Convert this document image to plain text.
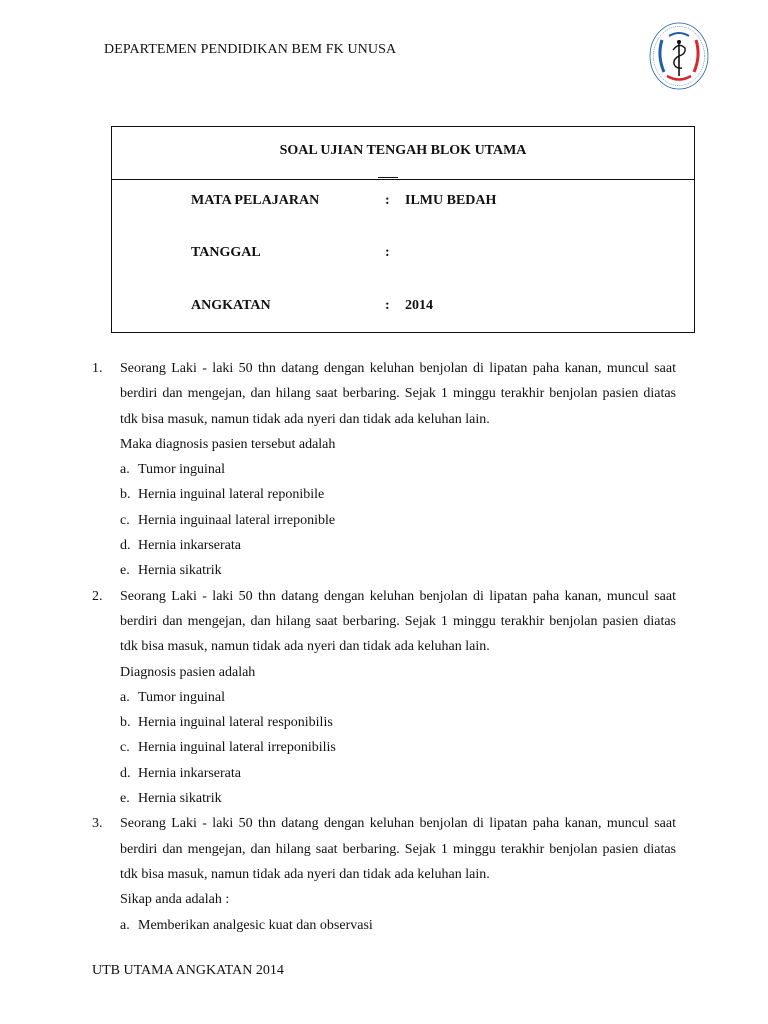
DEPARTEMEN PENDIDIKAN BEM FK UNUSA
SOAL UJIAN TENGAH BLOK UTAMA
MATA PELAJARAN	: ILMU BEDAH
TANGGAL	:
ANGKATAN	: 2014
1. Seorang Laki - laki 50 thn datang dengan keluhan benjolan di lipatan paha kanan, muncul saat berdiri dan mengejan, dan hilang saat berbaring. Sejak 1 minggu terakhir benjolan pasien diatas tdk bisa masuk, namun tidak ada nyeri dan tidak ada keluhan lain.
Maka diagnosis pasien tersebut adalah
a. Tumor inguinal
b. Hernia inguinal lateral reponibile
c. Hernia inguinaal lateral irreponible
d. Hernia inkarserata
e. Hernia sikatrik
2. Seorang Laki - laki 50 thn datang dengan keluhan benjolan di lipatan paha kanan, muncul saat berdiri dan mengejan, dan hilang saat berbaring. Sejak 1 minggu terakhir benjolan pasien diatas tdk bisa masuk, namun tidak ada nyeri dan tidak ada keluhan lain.
Diagnosis pasien adalah
a. Tumor inguinal
b. Hernia inguinal lateral responibilis
c. Hernia inguinal lateral irreponibilis
d. Hernia inkarserata
e. Hernia sikatrik
3. Seorang Laki - laki 50 thn datang dengan keluhan benjolan di lipatan paha kanan, muncul saat berdiri dan mengejan, dan hilang saat berbaring. Sejak 1 minggu terakhir benjolan pasien diatas tdk bisa masuk, namun tidak ada nyeri dan tidak ada keluhan lain.
Sikap anda adalah :
a. Memberikan analgesic kuat dan observasi
UTB UTAMA ANGKATAN 2014
